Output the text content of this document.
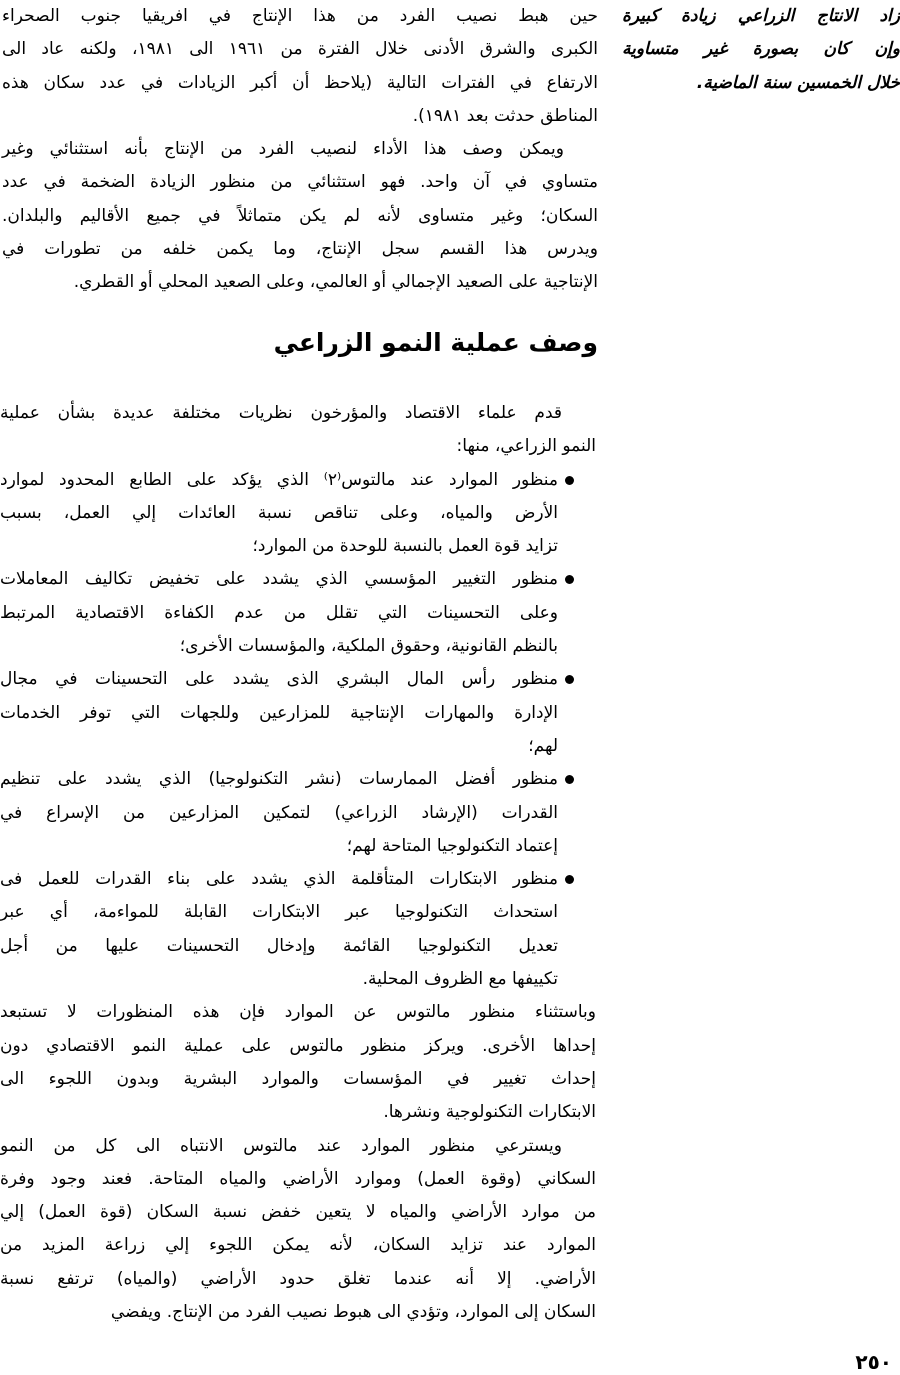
زاد الانتاج الزراعي زيادة كبيرة
وإن كان بصورة غير متساوية
خلال الخمسين سنة الماضية.
حين هبط نصيب الفرد من هذا الإنتاج في افريقيا جنوب الصحراء
الكبرى والشرق الأدنى خلال الفترة من ١٩٦١ الى ١٩٨١، ولكنه عاد الى
الارتفاع في الفترات التالية (يلاحظ أن أكبر الزيادات في عدد سكان هذه
المناطق حدثت بعد ١٩٨١).
ويمكن وصف هذا الأداء لنصيب الفرد من الإنتاج بأنه استثنائي وغير
متساوي في آن واحد. فهو استثنائي من منظور الزيادة الضخمة في عدد
السكان؛ وغير متساوى لأنه لم يكن متماثلاً في جميع الأقاليم والبلدان.
ويدرس هذا القسم سجل الإنتاج، وما يكمن خلفه من تطورات في
الإنتاجية على الصعيد الإجمالي أو العالمي، وعلى الصعيد المحلي أو القطري.
وصف عملية النمو الزراعي
قدم علماء الاقتصاد والمؤرخون نظريات مختلفة عديدة بشأن عملية
النمو الزراعي، منها:
منظور الموارد عند مالتوس⁽٢⁾ الذي يؤكد على الطابع المحدود لموارد
الأرض والمياه، وعلى تناقص نسبة العائدات إلي العمل، بسبب
تزايد قوة العمل بالنسبة للوحدة من الموارد؛
منظور التغيير المؤسسي الذي يشدد على تخفيض تكاليف المعاملات
وعلى التحسينات التي تقلل من عدم الكفاءة الاقتصادية المرتبط
بالنظم القانونية، وحقوق الملكية، والمؤسسات الأخرى؛
منظور رأس المال البشري الذى يشدد على التحسينات في مجال
الإدارة والمهارات الإنتاجية للمزارعين وللجهات التي توفر الخدمات
لهم؛
منظور أفضل الممارسات (نشر التكنولوجيا) الذي يشدد على تنظيم
القدرات (الإرشاد الزراعي) لتمكين المزارعين من الإسراع في
إعتماد التكنولوجيا المتاحة لهم؛
منظور الابتكارات المتأقلمة الذي يشدد على بناء القدرات للعمل فى
استحداث التكنولوجيا عبر الابتكارات القابلة للمواءمة، أي عبر
تعديل التكنولوجيا القائمة وإدخال التحسينات عليها من أجل
تكييفها مع الظروف المحلية.
وباستثناء منظور مالتوس عن الموارد فإن هذه المنظورات لا تستبعد
إحداها الأخرى. ويركز منظور مالتوس على عملية النمو الاقتصادي دون
إحداث تغيير في المؤسسات والموارد البشرية وبدون اللجوء الى
الابتكارات التكنولوجية ونشرها.
ويسترعي منظور الموارد عند مالتوس الانتباه الى كل من النمو
السكاني (وقوة العمل) وموارد الأراضي والمياه المتاحة. فعند وجود وفرة
من موارد الأراضي والمياه لا يتعين خفض نسبة السكان (قوة العمل) إلي
الموارد عند تزايد السكان، لأنه يمكن اللجوء إلي زراعة المزيد من
الأراضي. إلا أنه عندما تغلق حدود الأراضي (والمياه) ترتفع نسبة
السكان إلى الموارد، وتؤدي الى هبوط نصيب الفرد من الإنتاج. ويفضي
٢٥٠
